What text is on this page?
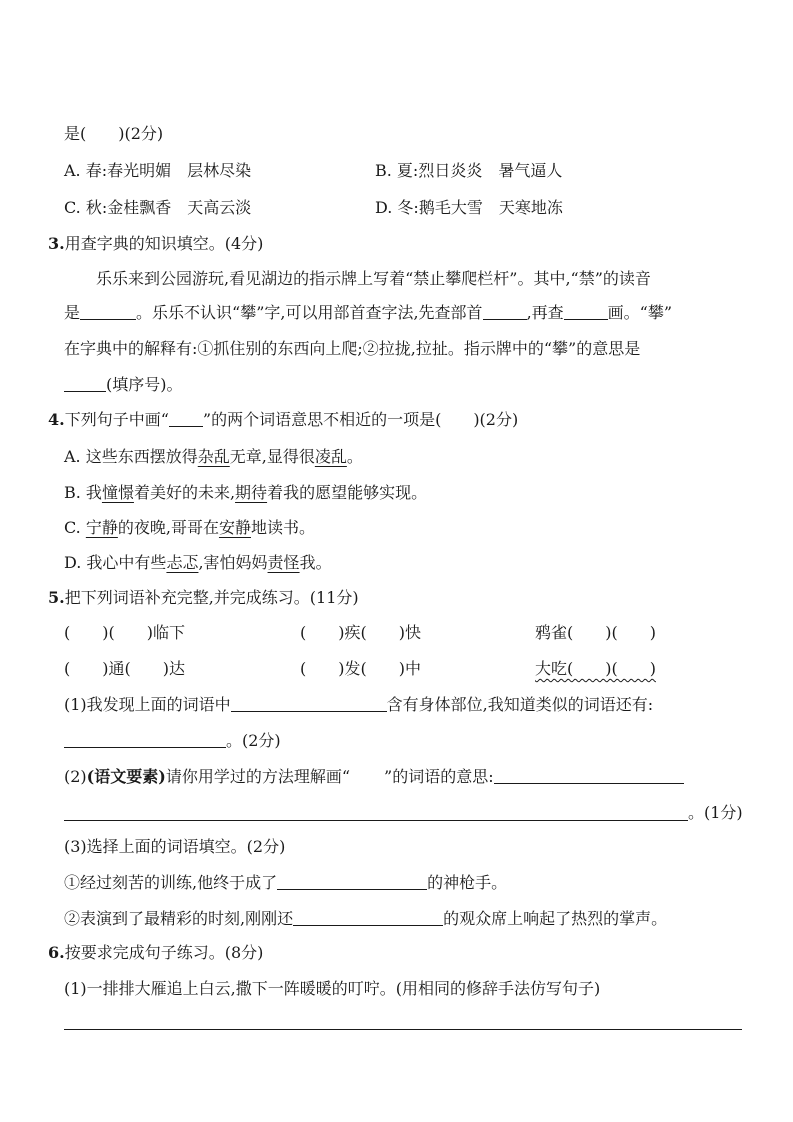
是(　　)(2分)
A. 春:春光明媚　层林尽染	B. 夏:烈日炎炎　暑气逼人
C. 秋:金桂飘香　天高云淡	D. 冬:鹅毛大雪　天寒地冻
3.用查字典的知识填空。(4分)
乐乐来到公园游玩,看见湖边的指示牌上写着“禁止攀爬栏杆”。其中,“禁”的读音
是	。乐乐不认识“攀”字,可以用部首查字法,先查部首	,再查	画。“攀”
在字典中的解释有:①抓住别的东西向上爬;②拉拢,拉扯。指示牌中的“攀”的意思是
(填序号)。
4.下列句子中画“ ”的两个词语意思不相近的一项是(　　)(2分)
A. 这些东西摆放得杂乱无章,显得很凌乱。
B. 我憧憬着美好的未来,期待着我的愿望能够实现。
C. 宁静的夜晚,哥哥在安静地读书。
D. 我心中有些忐忑,害怕妈妈责怪我。
5.把下列词语补充完整,并完成练习。(11分)
(　　)(　　)临下	(　　)疾(　　)快	鸦雀(　　)(　　)
(　　)通(　　)达	(　　)发(　　)中	大吃(　　)(　　)
(1)我发现上面的词语中	含有身体部位,我知道类似的词语还有:
。(2分)
(2)(语文要素)请你用学过的方法理解画“ ”的词语的意思:
。(1分)
(3)选择上面的词语填空。(2分)
①经过刻苦的训练,他终于成了	的神枪手。
②表演到了最精彩的时刻,刚刚还	的观众席上响起了热烈的掌声。
6.按要求完成句子练习。(8分)
(1)一排排大雁追上白云,撒下一阵暖暖的叮咛。(用相同的修辞手法仿写句子)
